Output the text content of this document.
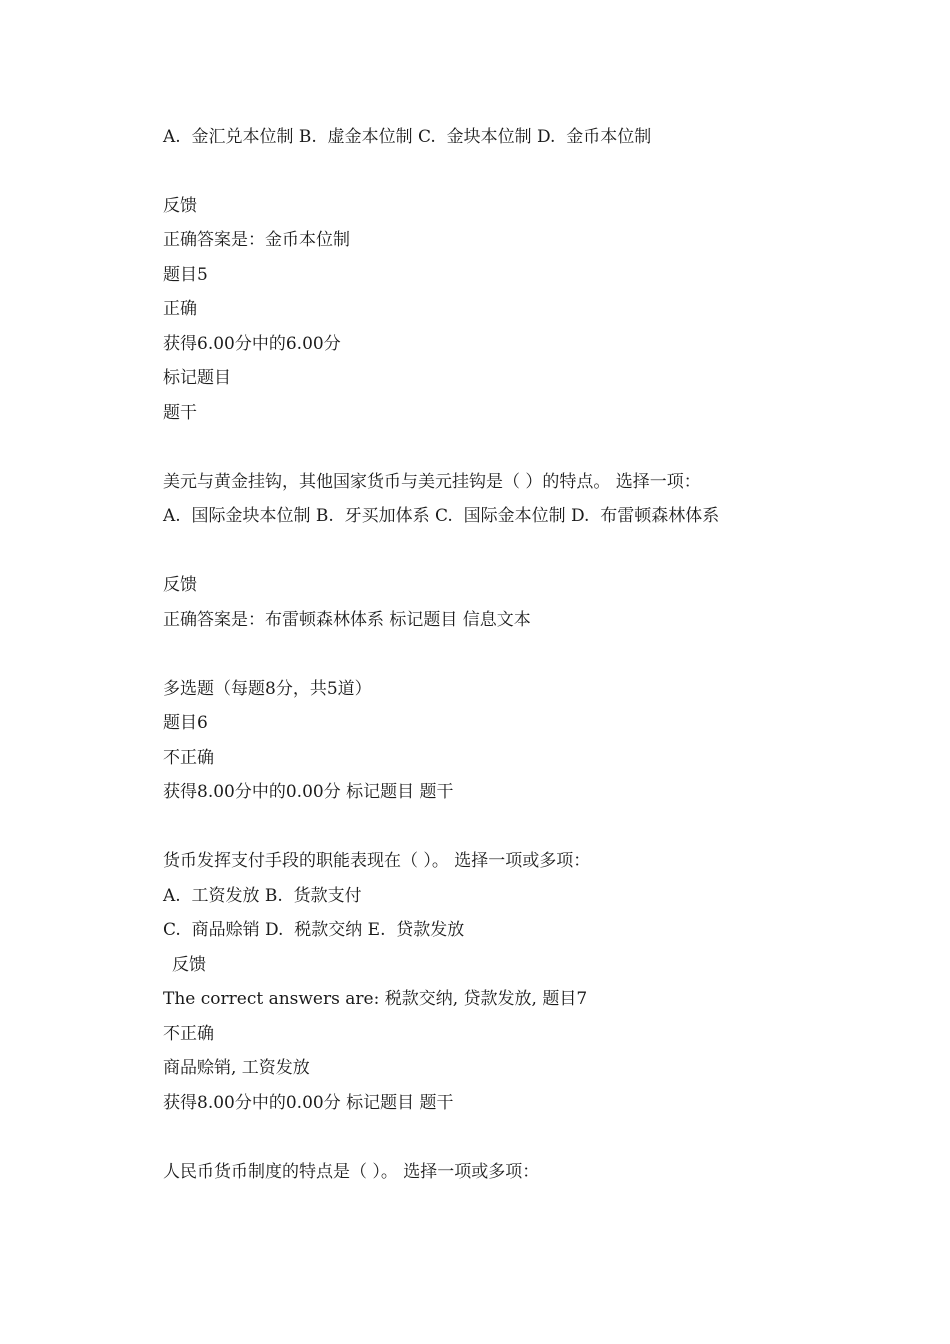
A.  金汇兑本位制 B.  虚金本位制 C.  金块本位制 D.  金币本位制
反馈
正确答案是：金币本位制
题目5
正确
获得6.00分中的6.00分
标记题目
题干
美元与黄金挂钩，其他国家货币与美元挂钩是（ ）的特点。 选择一项：
A.  国际金块本位制 B.  牙买加体系 C.  国际金本位制 D.  布雷顿森林体系
反馈
正确答案是：布雷顿森林体系 标记题目 信息文本
多选题（每题8分，共5道）
题目6
不正确
获得8.00分中的0.00分 标记题目 题干
货币发挥支付手段的职能表现在（ ）。 选择一项或多项：
A.  工资发放 B.  货款支付
C.  商品赊销 D.  税款交纳 E.  贷款发放
反馈
The correct answers are: 税款交纳, 贷款发放, 题目7
不正确
商品赊销, 工资发放
获得8.00分中的0.00分 标记题目 题干
人民币货币制度的特点是（ ）。 选择一项或多项：
